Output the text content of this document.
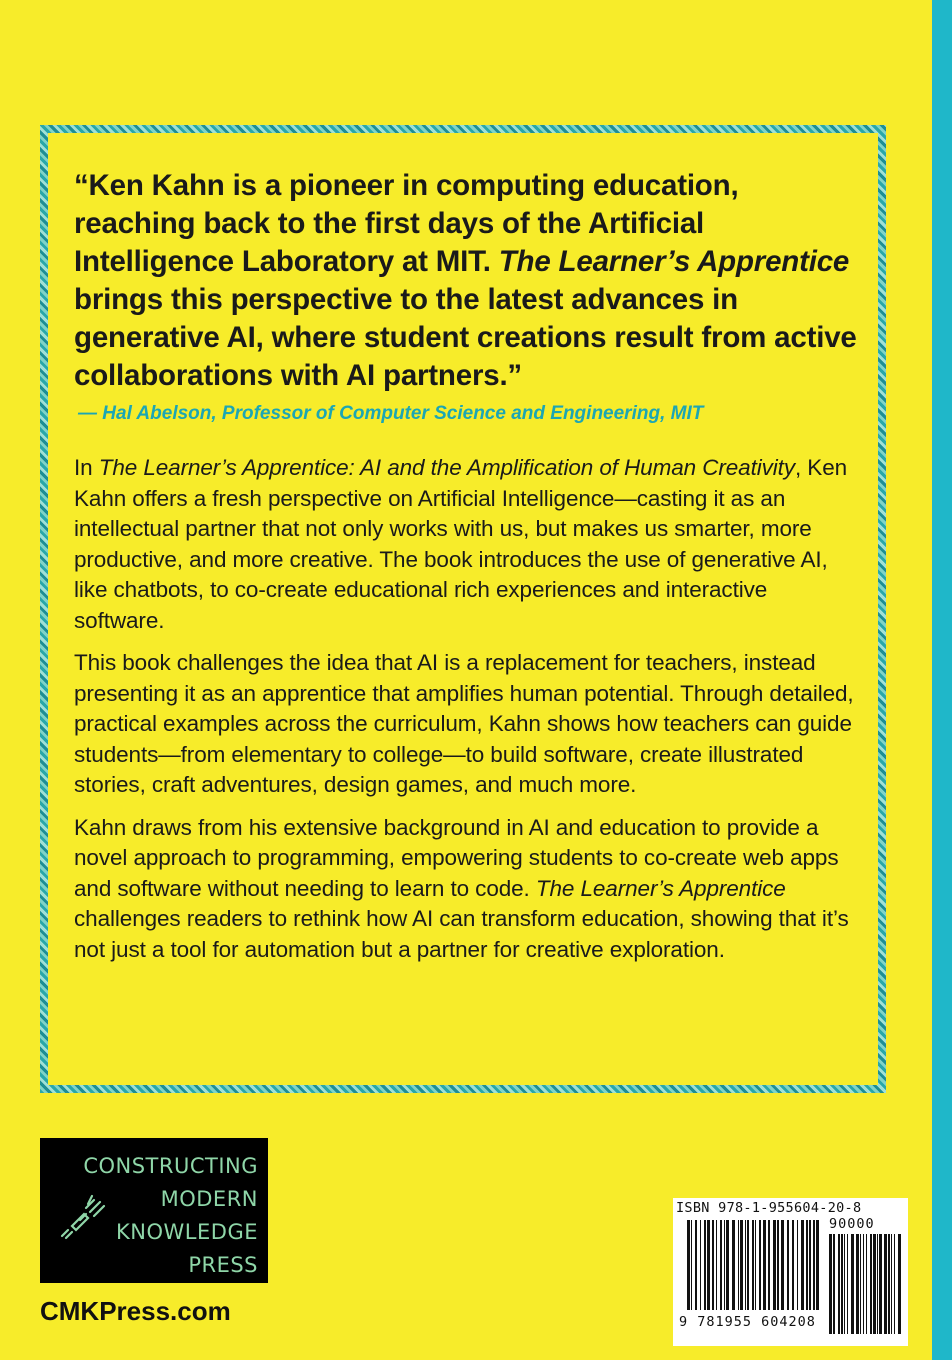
“Ken Kahn is a pioneer in computing education, reaching back to the first days of the Artificial Intelligence Laboratory at MIT. The Learner’s Apprentice brings this perspective to the latest advances in generative AI, where student creations result from active collaborations with AI partners.”

— Hal Abelson, Professor of Computer Science and Engineering, MIT

In The Learner’s Apprentice: AI and the Amplification of Human Creativity, Ken Kahn offers a fresh perspective on Artificial Intelligence—casting it as an intellectual partner that not only works with us, but makes us smarter, more productive, and more creative. The book introduces the use of generative AI, like chatbots, to co-create educational rich experiences and interactive software.

This book challenges the idea that AI is a replacement for teachers, instead presenting it as an apprentice that amplifies human potential. Through detailed, practical examples across the curriculum, Kahn shows how teachers can guide students—from elementary to college—to build software, create illustrated stories, craft adventures, design games, and much more.

Kahn draws from his extensive background in AI and education to provide a novel approach to programming, empowering students to co-create web apps and software without needing to learn to code. The Learner’s Apprentice challenges readers to rethink how AI can transform education, showing that it’s not just a tool for automation but a partner for creative exploration.

CONSTRUCTING
MODERN
KNOWLEDGE
PRESS
CMKPress.com
ISBN 978-1-955604-20-8
90000
9 781955 604208
